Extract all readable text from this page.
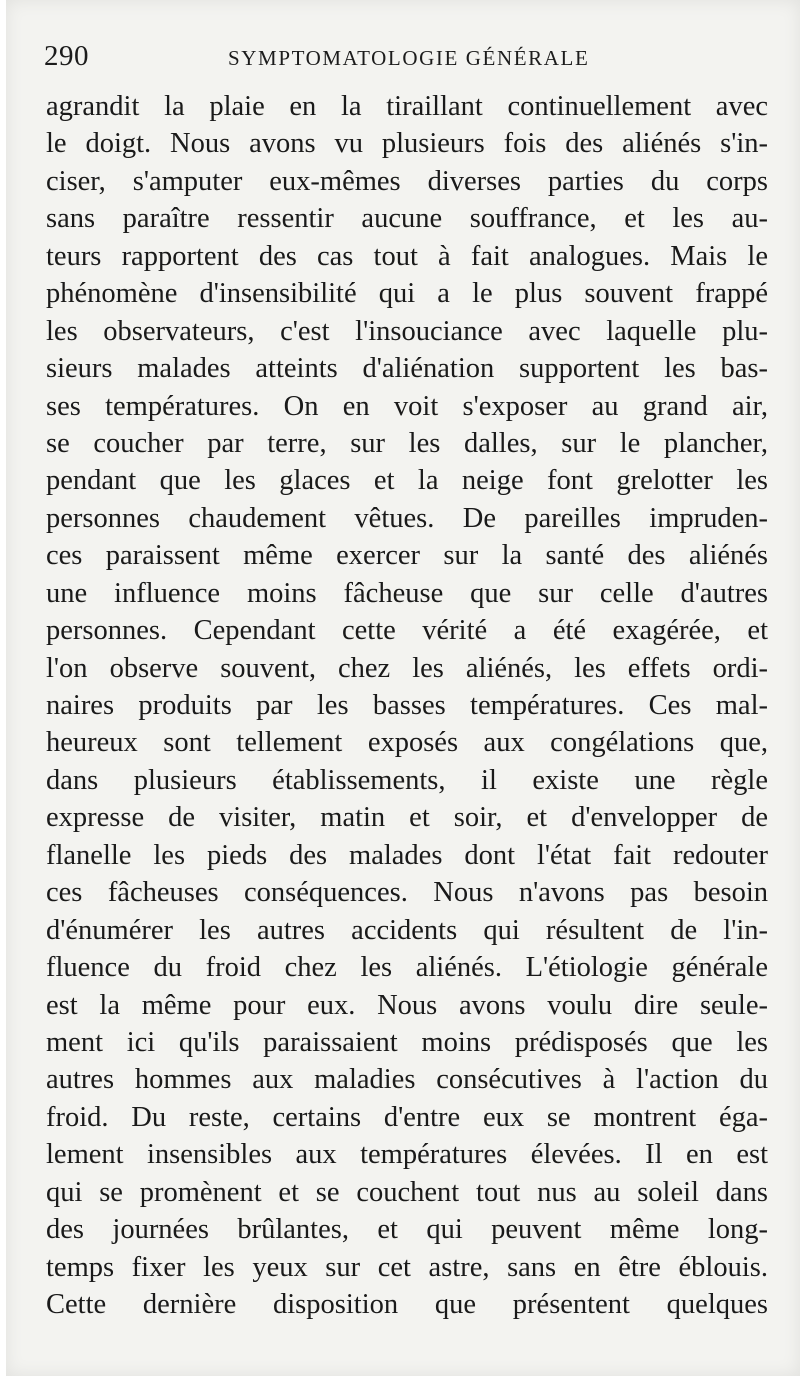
290	SYMPTOMATOLOGIE GÉNÉRALE
agrandit la plaie en la tiraillant continuellement avec
le doigt. Nous avons vu plusieurs fois des aliénés s'in-
ciser, s'amputer eux-mêmes diverses parties du corps
sans paraître ressentir aucune souffrance, et les au-
teurs rapportent des cas tout à fait analogues. Mais le
phénomène d'insensibilité qui a le plus souvent frappé
les observateurs, c'est l'insouciance avec laquelle plu-
sieurs malades atteints d'aliénation supportent les bas-
ses températures. On en voit s'exposer au grand air,
se coucher par terre, sur les dalles, sur le plancher,
pendant que les glaces et la neige font grelotter les
personnes chaudement vêtues. De pareilles impruden-
ces paraissent même exercer sur la santé des aliénés
une influence moins fâcheuse que sur celle d'autres
personnes. Cependant cette vérité a été exagérée, et
l'on observe souvent, chez les aliénés, les effets ordi-
naires produits par les basses températures. Ces mal-
heureux sont tellement exposés aux congélations que,
dans plusieurs établissements, il existe une règle
expresse de visiter, matin et soir, et d'envelopper de
flanelle les pieds des malades dont l'état fait redouter
ces fâcheuses conséquences. Nous n'avons pas besoin
d'énumérer les autres accidents qui résultent de l'in-
fluence du froid chez les aliénés. L'étiologie générale
est la même pour eux. Nous avons voulu dire seule-
ment ici qu'ils paraissaient moins prédisposés que les
autres hommes aux maladies consécutives à l'action du
froid. Du reste, certains d'entre eux se montrent éga-
lement insensibles aux températures élevées. Il en est
qui se promènent et se couchent tout nus au soleil dans
des journées brûlantes, et qui peuvent même long-
temps fixer les yeux sur cet astre, sans en être éblouis.
Cette dernière disposition que présentent quelques
